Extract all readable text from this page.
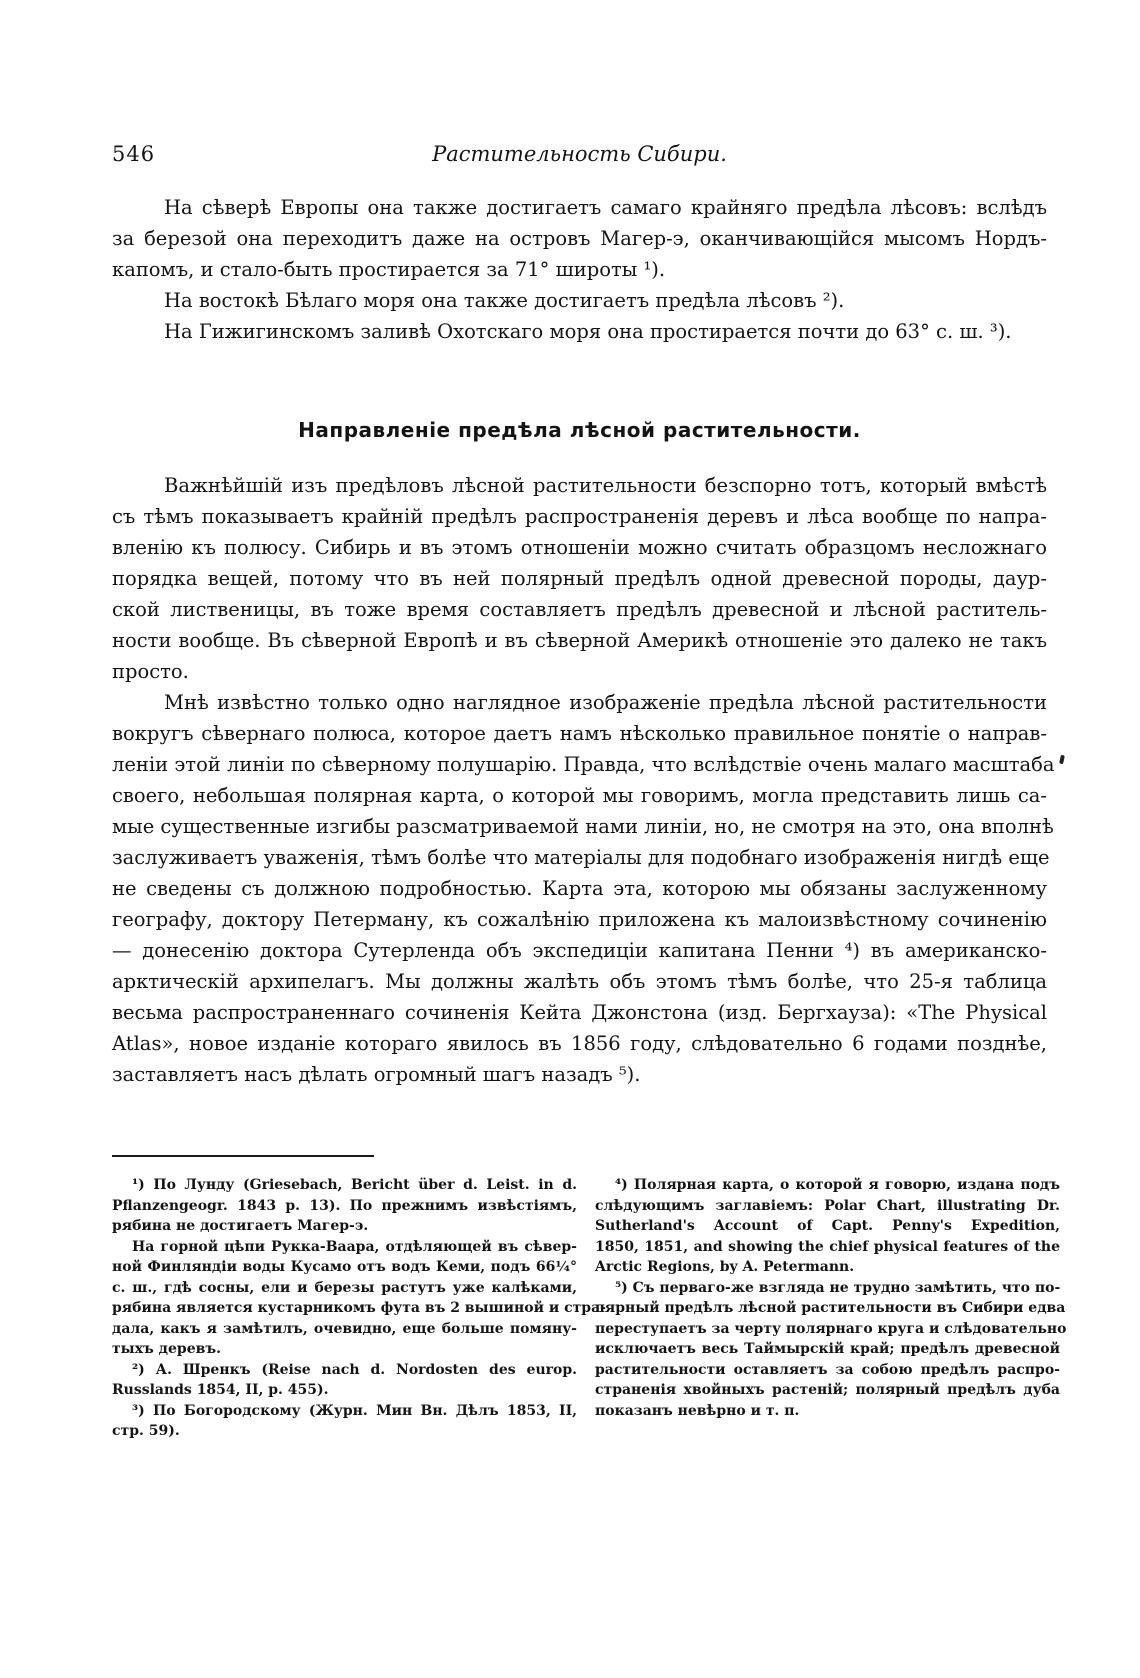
546	Растительность Сибири.
На сѣверѣ Европы она также достигаетъ самаго крайняго предѣла лѣсовъ: вслѣдъ
за березой она переходитъ даже на островъ Магер-э, оканчивающійся мысомъ Нордъ-
капомъ, и стало-быть простирается за 71° широты ¹).
На востокѣ Бѣлаго моря она также достигаетъ предѣла лѣсовъ ²).
На Гижигинскомъ заливѣ Охотскаго моря она простирается почти до 63° с. ш. ³).
Направленіе предѣла лѣсной растительности.
Важнѣйшій изъ предѣловъ лѣсной растительности безспорно тотъ, который вмѣстѣ
съ тѣмъ показываетъ крайній предѣлъ распространенія деревъ и лѣса вообще по напра-
вленію къ полюсу. Сибирь и въ этомъ отношеніи можно считать образцомъ несложнаго
порядка вещей, потому что въ ней полярный предѣлъ одной древесной породы, даур-
ской лиственицы, въ тоже время составляетъ предѣлъ древесной и лѣсной раститель-
ности вообще. Въ сѣверной Европѣ и въ сѣверной Америкѣ отношеніе это далеко не такъ
просто.
Мнѣ извѣстно только одно наглядное изображеніе предѣла лѣсной растительности
вокругъ сѣвернаго полюса, которое даетъ намъ нѣсколько правильное понятіе о направ-
леніи этой линіи по сѣверному полушарію. Правда, что вслѣдствіе очень малаго масштаба
своего, небольшая полярная карта, о которой мы говоримъ, могла представить лишь са-
мые существенные изгибы разсматриваемой нами линіи, но, не смотря на это, она вполнѣ
заслуживаетъ уваженія, тѣмъ болѣе что матеріалы для подобнаго изображенія нигдѣ еще
не сведены съ должною подробностью. Карта эта, которою мы обязаны заслуженному
географу, доктору Петерману, къ сожалѣнію приложена къ малоизвѣстному сочиненію
— донесенію доктора Сутерленда объ экспедиціи капитана Пенни ⁴) въ американско-
арктическій архипелагъ. Мы должны жалѣть объ этомъ тѣмъ болѣе, что 25-я таблица
весьма распространеннаго сочиненія Кейта Джонстона (изд. Бергхауза): «The Physical
Atlas», новое изданіе котораго явилось въ 1856 году, слѣдовательно 6 годами позднѣе,
заставляетъ насъ дѣлать огромный шагъ назадъ ⁵).
¹) По Лунду (Griesebach, Bericht über d. Leist. in d.
Pflanzengeogr. 1843 p. 13). По прежнимъ извѣстіямъ,
рябина не достигаетъ Магер-э.
На горной цѣпи Рукка-Ваара, отдѣляющей въ сѣвер-
ной Финляндіи воды Кусамо отъ водъ Кеми, подъ 66¼°
с. ш., гдѣ сосны, ели и березы растутъ уже калѣками,
рябина является кустарникомъ фута въ 2 вышиной и стра-
дала, какъ я замѣтилъ, очевидно, еще больше помяну-
тыхъ деревъ.
²) А. Шренкъ (Reise nach d. Nordosten des europ.
Russlands 1854, II, p. 455).
³) По Богородскому (Журн. Мин Вн. Дѣлъ 1853, II,
стр. 59).
⁴) Полярная карта, о которой я говорю, издана подъ
слѣдующимъ заглавіемъ: Polar Chart, illustrating Dr.
Sutherland's Account of Capt. Penny's Expedition,
1850, 1851, and showing the chief physical features of the
Arctic Regions, by A. Petermann.
⁵) Съ перваго-же взгляда не трудно замѣтить, что по-
лярный предѣлъ лѣсной растительности въ Сибири едва
переступаетъ за черту полярнаго круга и слѣдовательно
исключаетъ весь Таймырскій край; предѣлъ древесной
растительности оставляетъ за собою предѣлъ распро-
страненія хвойныхъ растеній; полярный предѣлъ дуба
показанъ невѣрно и т. п.
